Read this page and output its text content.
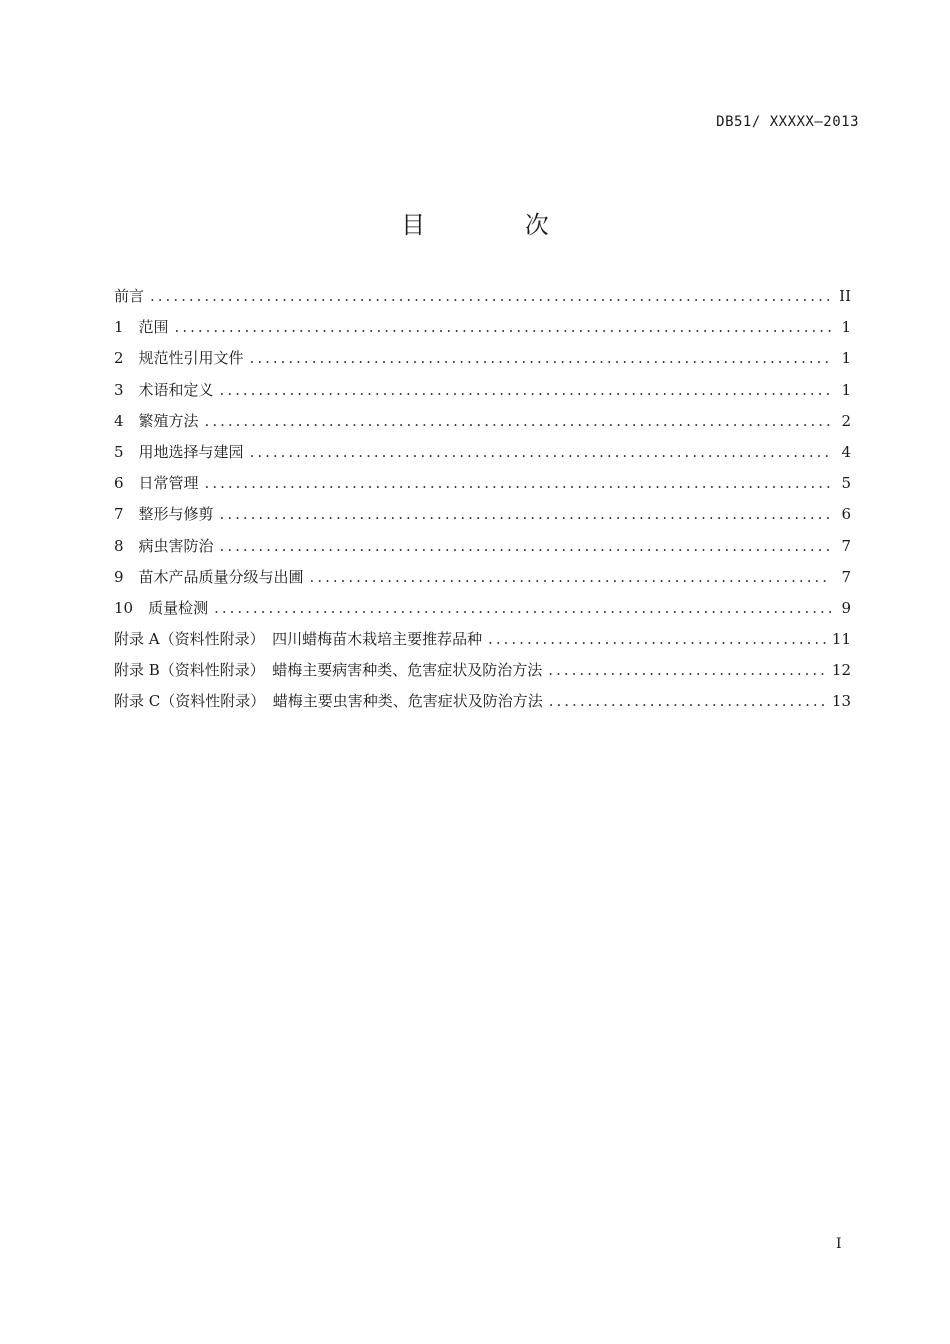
DB51/ XXXXX—2013
目 次
前言 .....	II
1　范围 .....	1
2　规范性引用文件 .....	1
3　术语和定义 .....	1
4　繁殖方法 .....	2
5　用地选择与建园 .....	4
6　日常管理 .....	5
7　整形与修剪 .....	6
8　病虫害防治 .....	7
9　苗木产品质量分级与出圃 .....	7
10　质量检测 .....	9
附录 A（资料性附录）　四川蜡梅苗木栽培主要推荐品种 .....	11
附录 B（资料性附录）　蜡梅主要病害种类、危害症状及防治方法 .....	12
附录 C（资料性附录）　蜡梅主要虫害种类、危害症状及防治方法 .....	13
I
